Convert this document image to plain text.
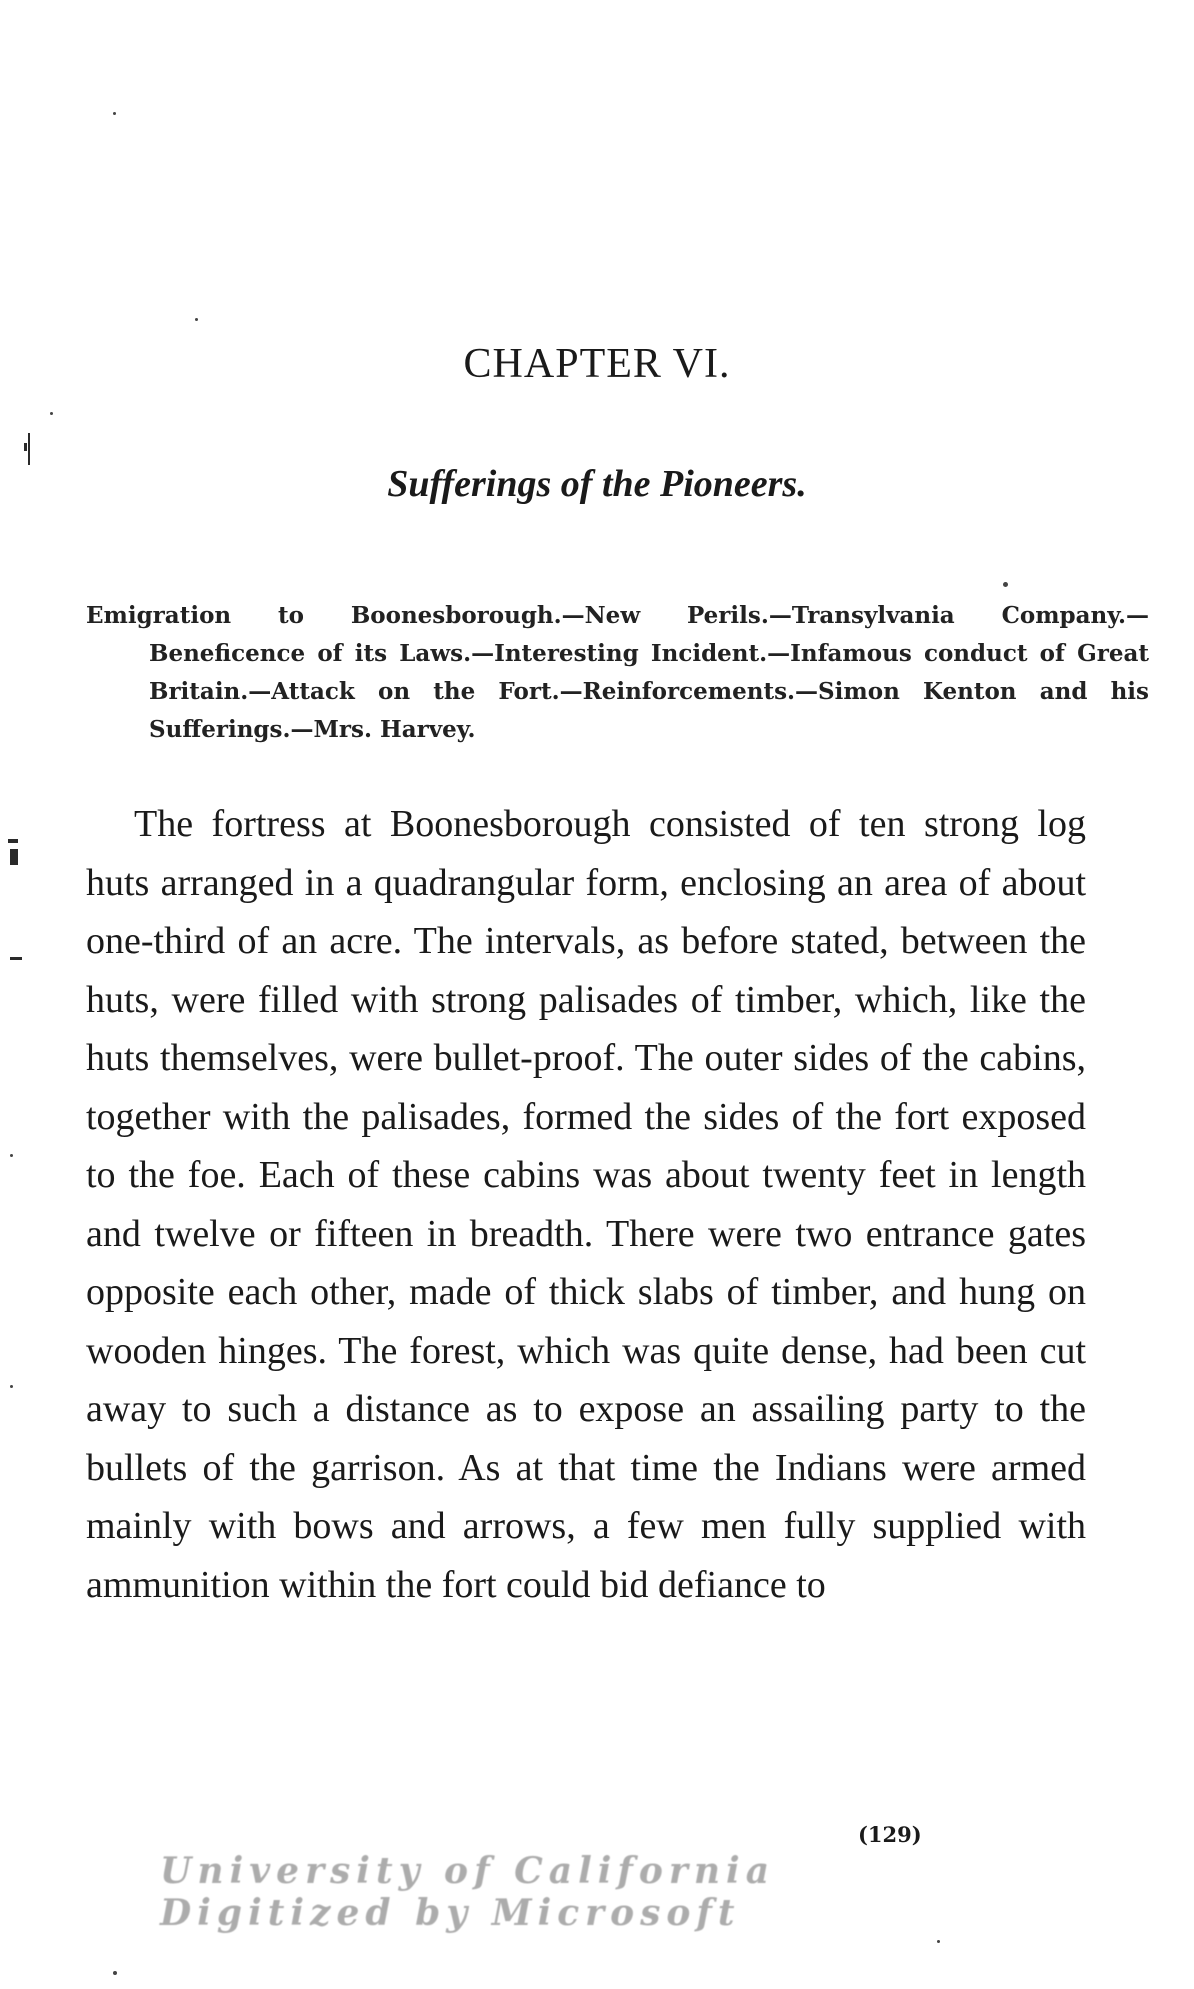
CHAPTER VI.
Sufferings of the Pioneers.

Emigration to Boonesborough.—New Perils.—Transylvania Company.—Beneficence of its Laws.—Interesting Incident.—Infamous conduct of Great Britain.—Attack on the Fort.—Reinforcements.—Simon Kenton and his Sufferings.—Mrs. Harvey.

The fortress at Boonesborough consisted of ten strong log huts arranged in a quadrangular form, enclosing an area of about one-third of an acre. The intervals, as before stated, between the huts, were filled with strong palisades of timber, which, like the huts themselves, were bullet-proof. The outer sides of the cabins, together with the palisades, formed the sides of the fort exposed to the foe. Each of these cabins was about twenty feet in length and twelve or fifteen in breadth. There were two entrance gates opposite each other, made of thick slabs of timber, and hung on wooden hinges. The forest, which was quite dense, had been cut away to such a distance as to expose an assailing party to the bullets of the garrison. As at that time the Indians were armed mainly with bows and arrows, a few men fully supplied with ammunition within the fort could bid defiance to

(129)
University of California Digitized by Microsoft
